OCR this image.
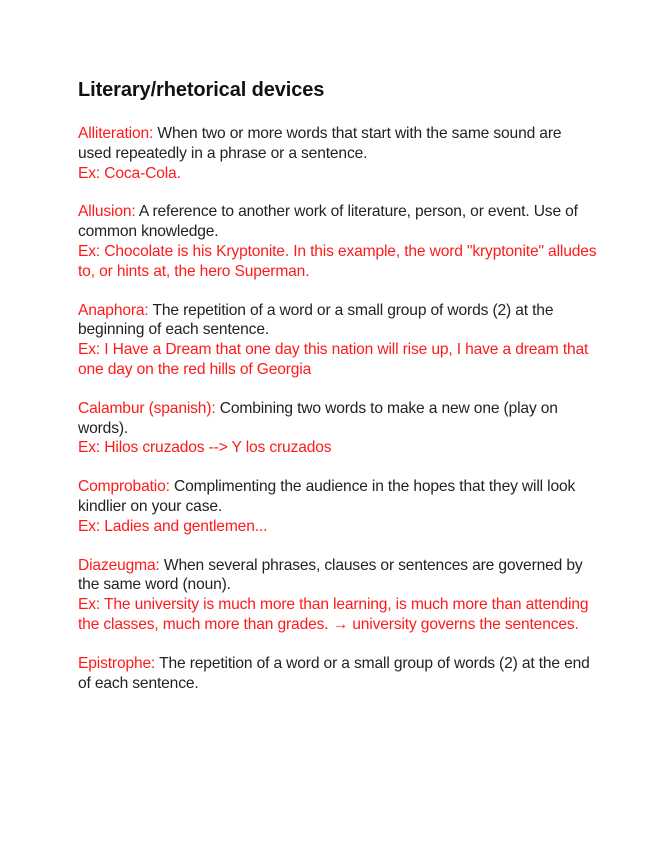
Literary/rhetorical devices
Alliteration: When two or more words that start with the same sound are used repeatedly in a phrase or a sentence.
Ex: Coca-Cola.
Allusion: A reference to another work of literature, person, or event. Use of common knowledge.
Ex: Chocolate is his Kryptonite. In this example, the word "kryptonite" alludes to, or hints at, the hero Superman.
Anaphora: The repetition of a word or a small group of words (2) at the beginning of each sentence.
Ex: I Have a Dream that one day this nation will rise up, I have a dream that one day on the red hills of Georgia
Calambur (spanish): Combining two words to make a new one (play on words).
Ex: Hilos cruzados --> Y los cruzados
Comprobatio: Complimenting the audience in the hopes that they will look kindlier on your case.
Ex: Ladies and gentlemen...
Diazeugma: When several phrases, clauses or sentences are governed by the same word (noun).
Ex: The university is much more than learning, is much more than attending the classes, much more than grades. → university governs the sentences.
Epistrophe: The repetition of a word or a small group of words (2) at the end of each sentence.
